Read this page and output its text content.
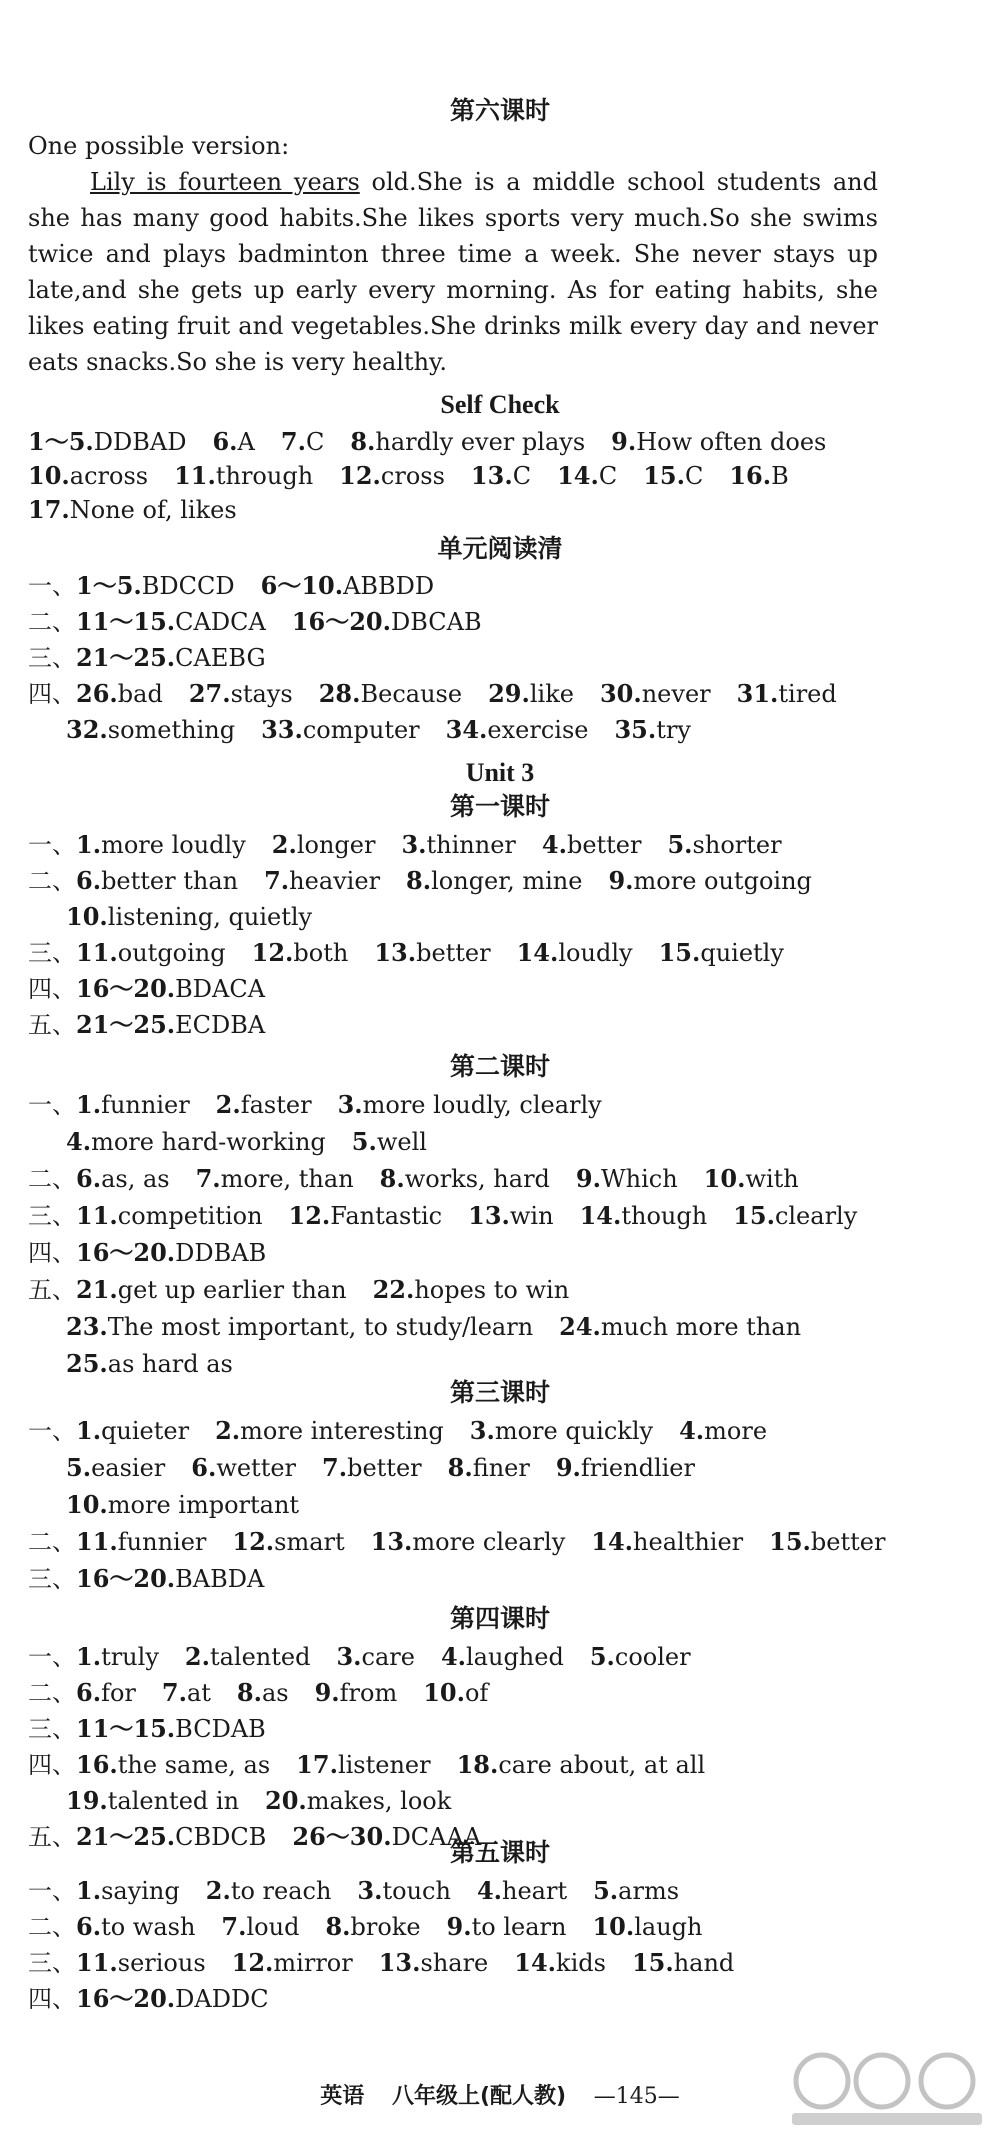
第六课时
One possible version:
Lily is fourteen years old.She is a middle school students and she has many good habits.She likes sports very much.So she swims twice and plays badminton three time a week. She never stays up late,and she gets up early every morning. As for eating habits, she likes eating fruit and vegetables.She drinks milk every day and never eats snacks.So she is very healthy.
Self Check
1～5.DDBAD 6.A 7.C 8.hardly ever plays 9.How often does
10.across 11.through 12.cross 13.C 14.C 15.C 16.B
17.None of, likes
单元阅读清
一、1～5.BDCCD 6～10.ABBDD
二、11～15.CADCA 16～20.DBCAB
三、21～25.CAEBG
四、26.bad 27.stays 28.Because 29.like 30.never 31.tired
32.something 33.computer 34.exercise 35.try
Unit 3
第一课时
一、1.more loudly 2.longer 3.thinner 4.better 5.shorter
二、6.better than 7.heavier 8.longer, mine 9.more outgoing
10.listening, quietly
三、11.outgoing 12.both 13.better 14.loudly 15.quietly
四、16～20.BDACA
五、21～25.ECDBA
第二课时
一、1.funnier 2.faster 3.more loudly, clearly
4.more hard-working 5.well
二、6.as, as 7.more, than 8.works, hard 9.Which 10.with
三、11.competition 12.Fantastic 13.win 14.though 15.clearly
四、16～20.DDBAB
五、21.get up earlier than 22.hopes to win
23.The most important, to study/learn 24.much more than
25.as hard as
第三课时
一、1.quieter 2.more interesting 3.more quickly 4.more
5.easier 6.wetter 7.better 8.finer 9.friendlier
10.more important
二、11.funnier 12.smart 13.more clearly 14.healthier 15.better
三、16～20.BABDA
第四课时
一、1.truly 2.talented 3.care 4.laughed 5.cooler
二、6.for 7.at 8.as 9.from 10.of
三、11～15.BCDAB
四、16.the same, as 17.listener 18.care about, at all
19.talented in 20.makes, look
五、21～25.CBDCB 26～30.DCAAA
第五课时
一、1.saying 2.to reach 3.touch 4.heart 5.arms
二、6.to wash 7.loud 8.broke 9.to learn 10.laugh
三、11.serious 12.mirror 13.share 14.kids 15.hand
四、16～20.DADDC
英语 八年级上(配人教) —145—
